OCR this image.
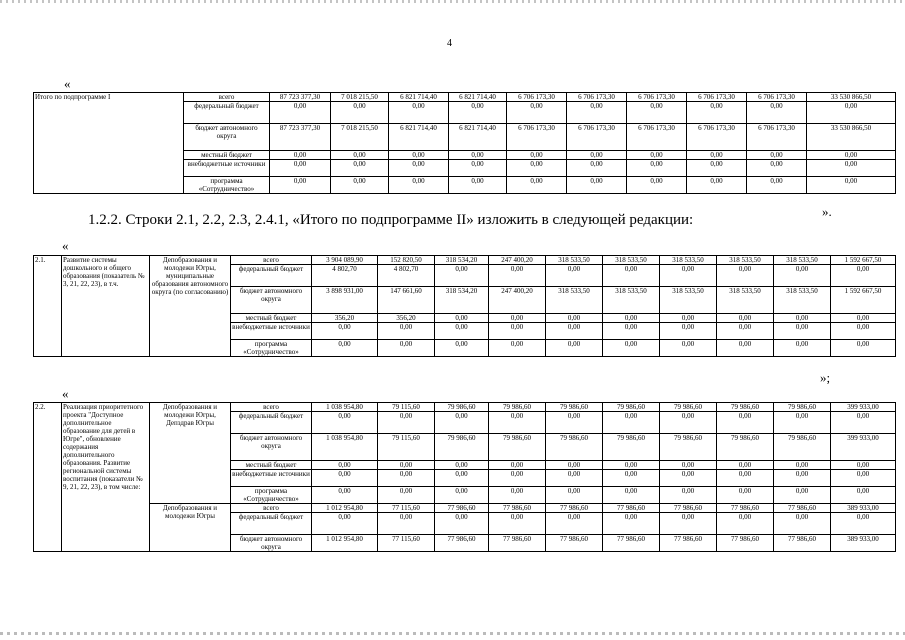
4
«
Итого по подпрограмме I	всего	87 723 377,30	7 018 215,50	6 821 714,40	6 821 714,40	6 706 173,30	6 706 173,30	6 706 173,30	6 706 173,30	6 706 173,30	33 530 866,50
	федеральный бюджет	0,00	0,00	0,00	0,00	0,00	0,00	0,00	0,00	0,00	0,00
	бюджет автономного округа	87 723 377,30	7 018 215,50	6 821 714,40	6 821 714,40	6 706 173,30	6 706 173,30	6 706 173,30	6 706 173,30	6 706 173,30	33 530 866,50
	местный бюджет	0,00	0,00	0,00	0,00	0,00	0,00	0,00	0,00	0,00	0,00
	внебюджетные источники	0,00	0,00	0,00	0,00	0,00	0,00	0,00	0,00	0,00	0,00
	программа «Сотрудничество»	0,00	0,00	0,00	0,00	0,00	0,00	0,00	0,00	0,00	0,00
».
1.2.2. Строки 2.1, 2.2, 2.3, 2.4.1, «Итого по подпрограмме II» изложить в следующей редакции:
«
2.1.	Развитие системы дошкольного и общего образования (показатель № 3, 21, 22, 23), в т.ч.	Депобразования и молодежи Югры, муниципальные образования автономного округа (по согласованию)	всего	3 904 089,90	152 820,50	318 534,20	247 400,20	318 533,50	318 533,50	318 533,50	318 533,50	318 533,50	1 592 667,50
			федеральный бюджет	4 802,70	4 802,70	0,00	0,00	0,00	0,00	0,00	0,00	0,00	0,00
			бюджет автономного округа	3 898 931,00	147 661,60	318 534,20	247 400,20	318 533,50	318 533,50	318 533,50	318 533,50	318 533,50	1 592 667,50
			местный бюджет	356,20	356,20	0,00	0,00	0,00	0,00	0,00	0,00	0,00	0,00
			внебюджетные источники	0,00	0,00	0,00	0,00	0,00	0,00	0,00	0,00	0,00	0,00
			программа «Сотрудничество»	0,00	0,00	0,00	0,00	0,00	0,00	0,00	0,00	0,00	0,00
»;
«
2.2.	Реализация приоритетного проекта "Доступное дополнительное образование для детей в Югре", обновление содержания дополнительного образования. Развитие региональной системы воспитания (показатели № 9, 21, 22, 23), в том числе:	Депобразования и молодежи Югры, Депздрав Югры	всего	1 038 954,80	79 115,60	79 986,60	79 986,60	79 986,60	79 986,60	79 986,60	79 986,60	79 986,60	399 933,00
			федеральный бюджет	0,00	0,00	0,00	0,00	0,00	0,00	0,00	0,00	0,00	0,00
			бюджет автономного округа	1 038 954,80	79 115,60	79 986,60	79 986,60	79 986,60	79 986,60	79 986,60	79 986,60	79 986,60	399 933,00
			местный бюджет	0,00	0,00	0,00	0,00	0,00	0,00	0,00	0,00	0,00	0,00
			внебюджетные источники	0,00	0,00	0,00	0,00	0,00	0,00	0,00	0,00	0,00	0,00
			программа «Сотрудничество»	0,00	0,00	0,00	0,00	0,00	0,00	0,00	0,00	0,00	0,00
		Депобразования и молодежи Югры	всего	1 012 954,80	77 115,60	77 986,60	77 986,60	77 986,60	77 986,60	77 986,60	77 986,60	77 986,60	389 933,00
			федеральный бюджет	0,00	0,00	0,00	0,00	0,00	0,00	0,00	0,00	0,00	0,00
			бюджет автономного округа	1 012 954,80	77 115,60	77 986,60	77 986,60	77 986,60	77 986,60	77 986,60	77 986,60	77 986,60	389 933,00
